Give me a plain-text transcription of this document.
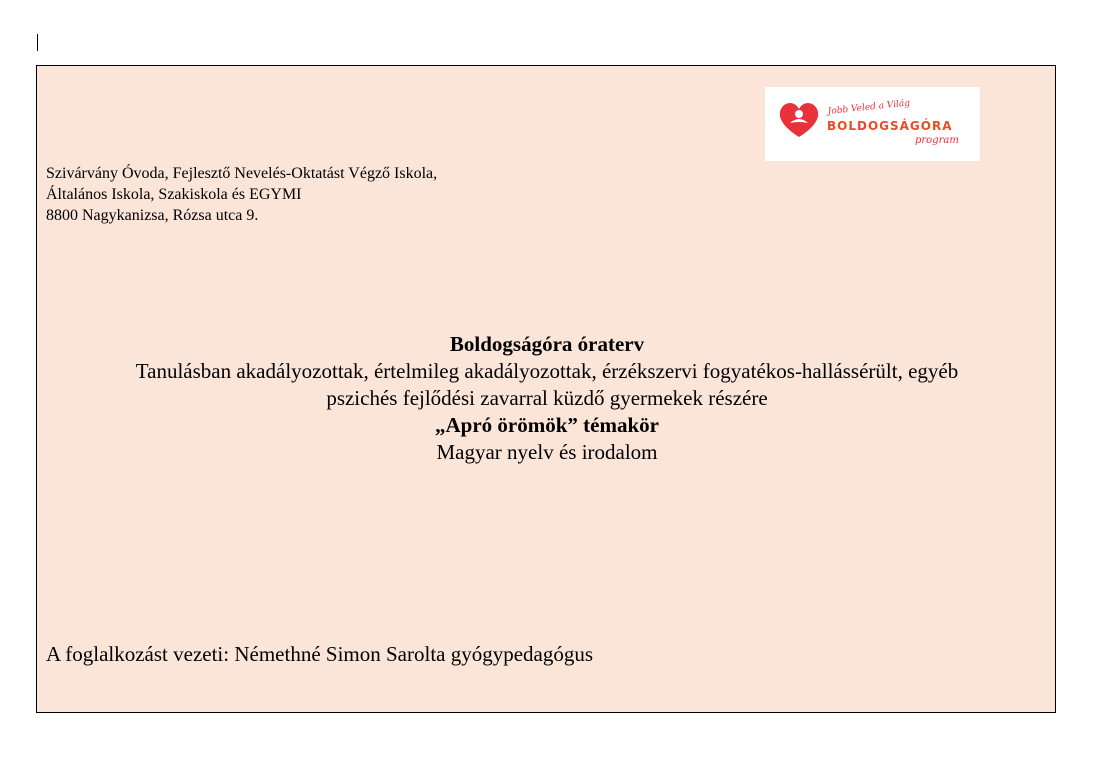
Jobb Veled a Világ
BOLDOGSÁGÓRA
program
Szivárvány Óvoda, Fejlesztő Nevelés-Oktatást Végző Iskola,
Általános Iskola, Szakiskola és EGYMI
8800 Nagykanizsa, Rózsa utca 9.
Boldogságóra óraterv
Tanulásban akadályozottak, értelmileg akadályozottak, érzékszervi fogyatékos-hallássérült, egyéb
pszichés fejlődési zavarral küzdő gyermekek részére
„Apró örömök” témakör
Magyar nyelv és irodalom
A foglalkozást vezeti: Némethné Simon Sarolta gyógypedagógus
